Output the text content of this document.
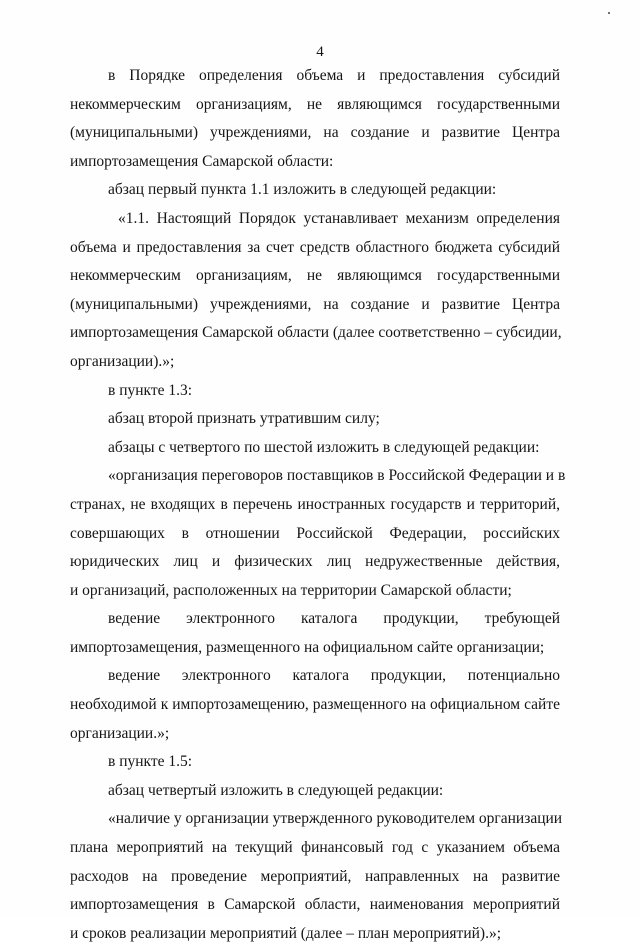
4

в Порядке определения объема и предоставления субсидий
некоммерческим организациям, не являющимся государственными
(муниципальными) учреждениями, на создание и развитие Центра
импортозамещения Самарской области:

абзац первый пункта 1.1 изложить в следующей редакции:

«1.1. Настоящий Порядок устанавливает механизм определения
объема и предоставления за счет средств областного бюджета субсидий
некоммерческим организациям, не являющимся государственными
(муниципальными) учреждениями, на создание и развитие Центра
импортозамещения Самарской области (далее соответственно – субсидии,
организации).»;

в пункте 1.3:

абзац второй признать утратившим силу;

абзацы с четвертого по шестой изложить в следующей редакции:

«организация переговоров поставщиков в Российской Федерации и в
странах, не входящих в перечень иностранных государств и территорий,
совершающих в отношении Российской Федерации, российских
юридических лиц и физических лиц недружественные действия,
и организаций, расположенных на территории Самарской области;

ведение электронного каталога продукции, требующей
импортозамещения, размещенного на официальном сайте организации;

ведение электронного каталога продукции, потенциально
необходимой к импортозамещению, размещенного на официальном сайте
организации.»;

в пункте 1.5:

абзац четвертый изложить в следующей редакции:

«наличие у организации утвержденного руководителем организации
плана мероприятий на текущий финансовый год с указанием объема
расходов на проведение мероприятий, направленных на развитие
импортозамещения в Самарской области, наименования мероприятий
и сроков реализации мероприятий (далее – план мероприятий).»;
